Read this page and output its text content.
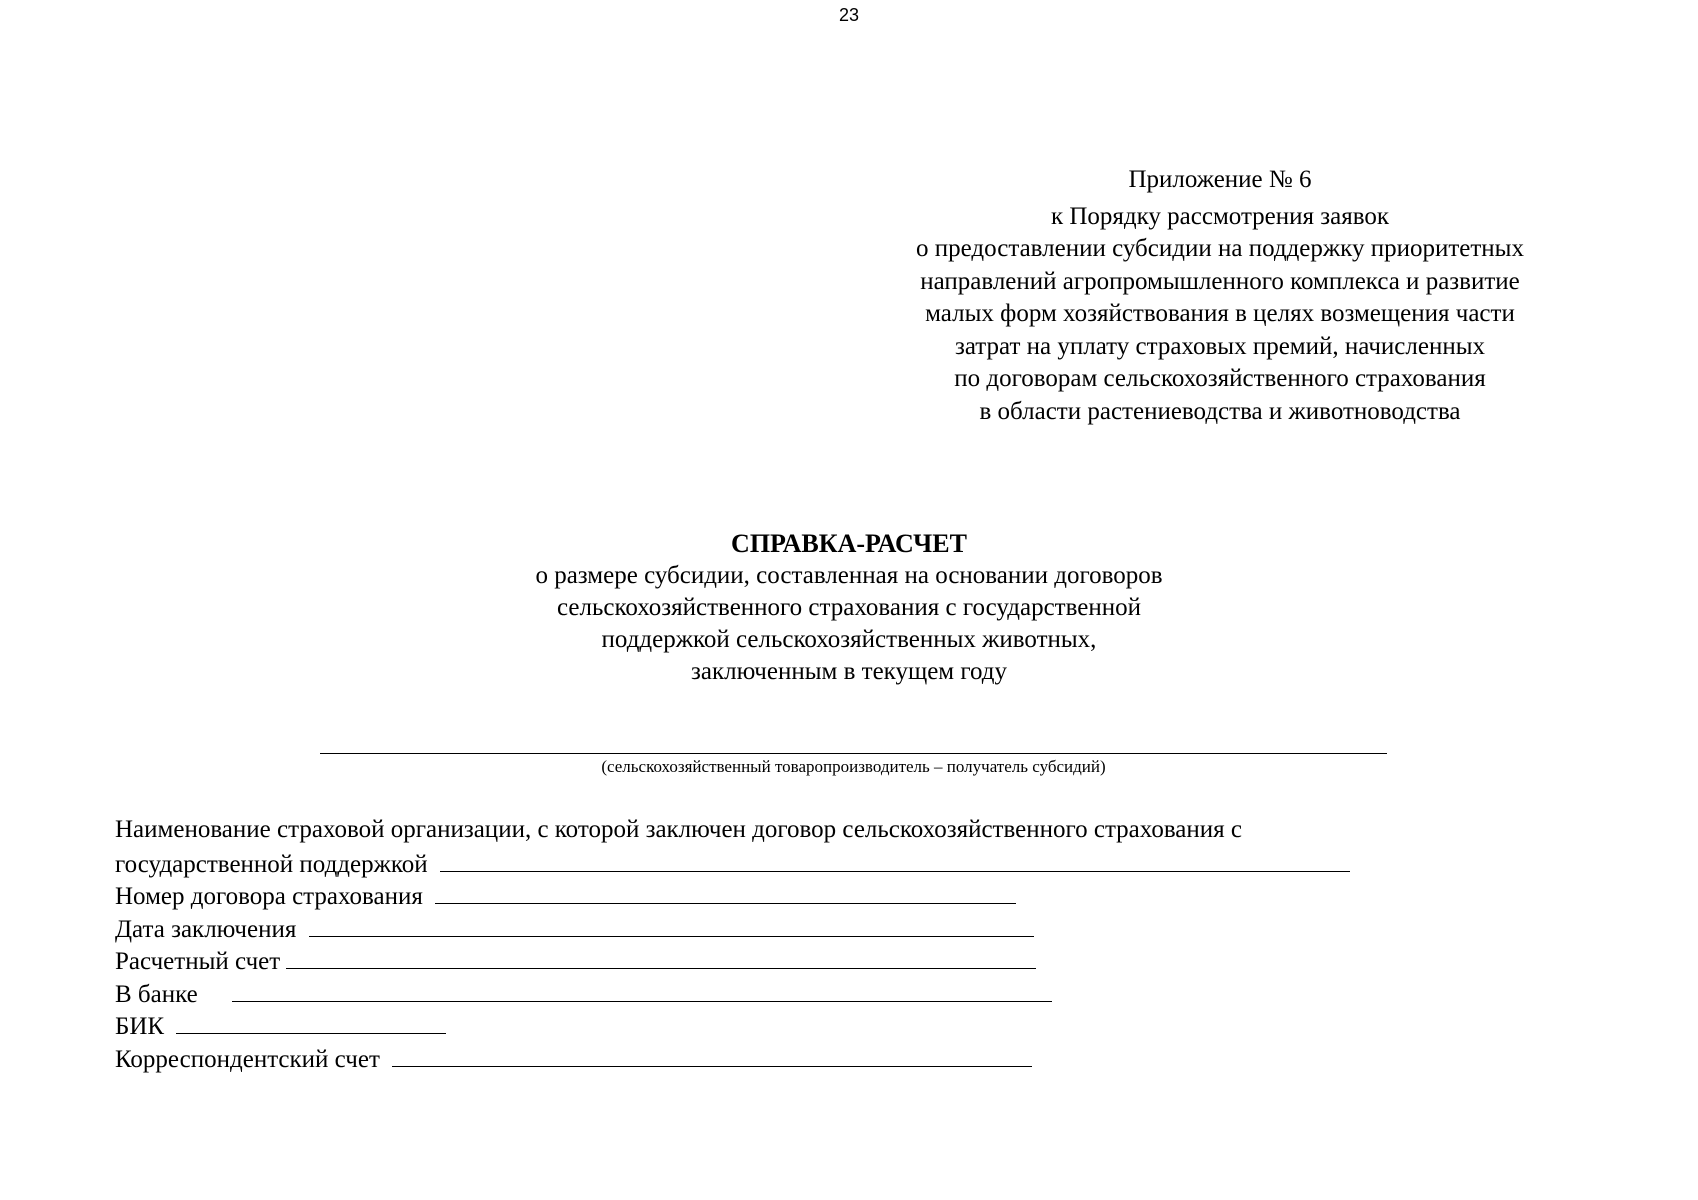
23
Приложение № 6
к Порядку рассмотрения заявок
о предоставлении субсидии на поддержку приоритетных
направлений агропромышленного комплекса и развитие
малых форм хозяйствования в целях возмещения части
затрат на уплату страховых премий, начисленных
по договорам сельскохозяйственного страхования
в области растениеводства и животноводства
СПРАВКА-РАСЧЕТ
о размере субсидии, составленная на основании договоров
сельскохозяйственного страхования с государственной
поддержкой сельскохозяйственных животных,
заключенным в текущем году
(сельскохозяйственный товаропроизводитель – получатель субсидий)
Наименование страховой организации, с которой заключен договор сельскохозяйственного страхования с
государственной поддержкой
Номер договора страхования
Дата заключения
Расчетный счет
В банке
БИК
Корреспондентский счет
